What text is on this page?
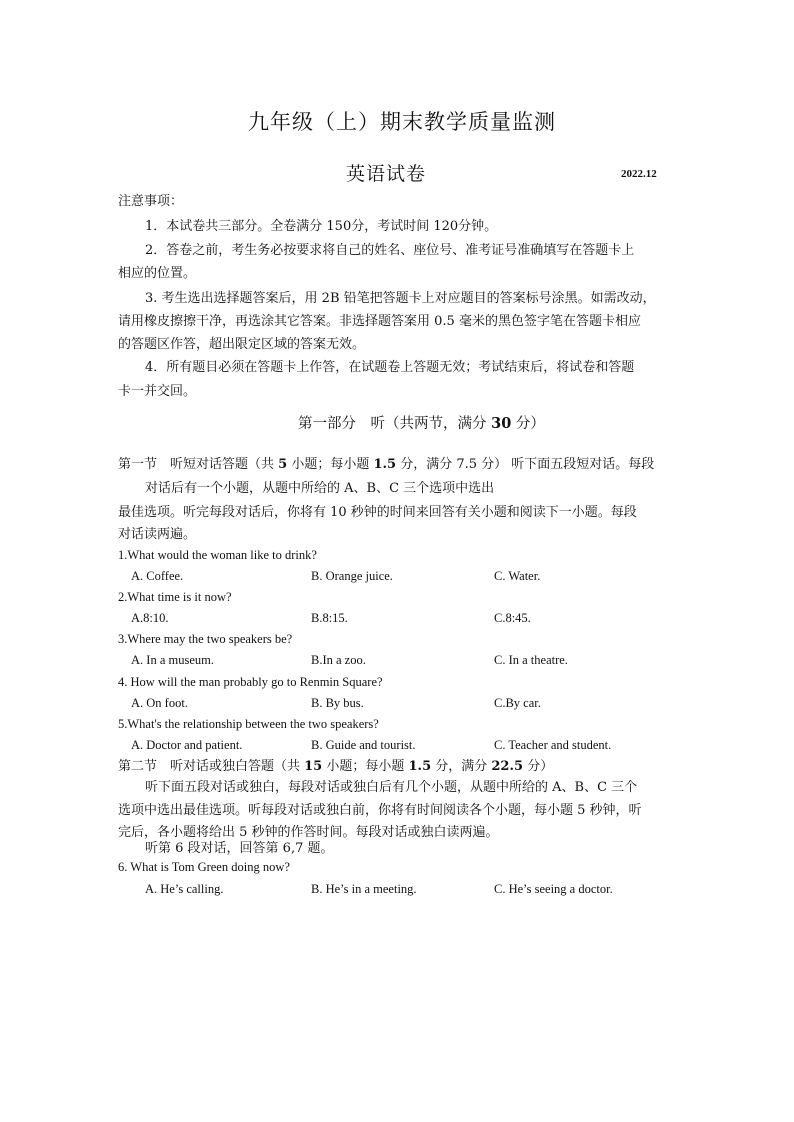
九年级（上）期末教学质量监测
英语试卷	2022.12
注意事项：
1．本试卷共三部分。全卷满分 150分，考试时间 120分钟。
2．答卷之前，考生务必按要求将自己的姓名、座位号、准考证号准确填写在答题卡上
相应的位置。
3. 考生选出选择题答案后，用 2B 铅笔把答题卡上对应题目的答案标号涂黑。如需改动，
请用橡皮擦擦干净，再选涂其它答案。非选择题答案用 0.5 毫米的黑色签字笔在答题卡相应
的答题区作答，超出限定区域的答案无效。
4．所有题目必须在答题卡上作答，在试题卷上答题无效；考试结束后，将试卷和答题
卡一并交回。
第一部分　听（共两节，满分 30 分）
第一节　听短对话答题（共 5 小题；每小题 1.5 分，满分 7.5 分） 听下面五段短对话。每段
对话后有一个小题，从题中所给的 A、B、C 三个选项中选出
最佳选项。听完每段对话后，你将有 10 秒钟的时间来回答有关小题和阅读下一小题。每段
对话读两遍。
1.What would the woman like to drink?
A. Coffee.	B. Orange juice.	C. Water.
2.What time is it now?
A.8:10.	B.8:15.	C.8:45.
3.Where may the two speakers be?
A. In a museum.	B.In a zoo.	C. In a theatre.
4. How will the man probably go to Renmin Square?
A. On foot.	B. By bus.	C.By car.
5.What's the relationship between the two speakers?
A. Doctor and patient.	B. Guide and tourist.	C. Teacher and student.
第二节　听对话或独白答题（共 15 小题；每小题 1.5 分，满分 22.5 分）
听下面五段对话或独白，每段对话或独白后有几个小题，从题中所给的 A、B、C 三个
选项中选出最佳选项。听每段对话或独白前，你将有时间阅读各个小题，每小题 5 秒钟，听
完后，各小题将给出 5 秒钟的作答时间。每段对话或独白读两遍。
听第 6 段对话，回答第 6,7 题。
6. What is Tom Green doing now?
A. He’s calling.	B. He’s in a meeting.	C. He’s seeing a doctor.
